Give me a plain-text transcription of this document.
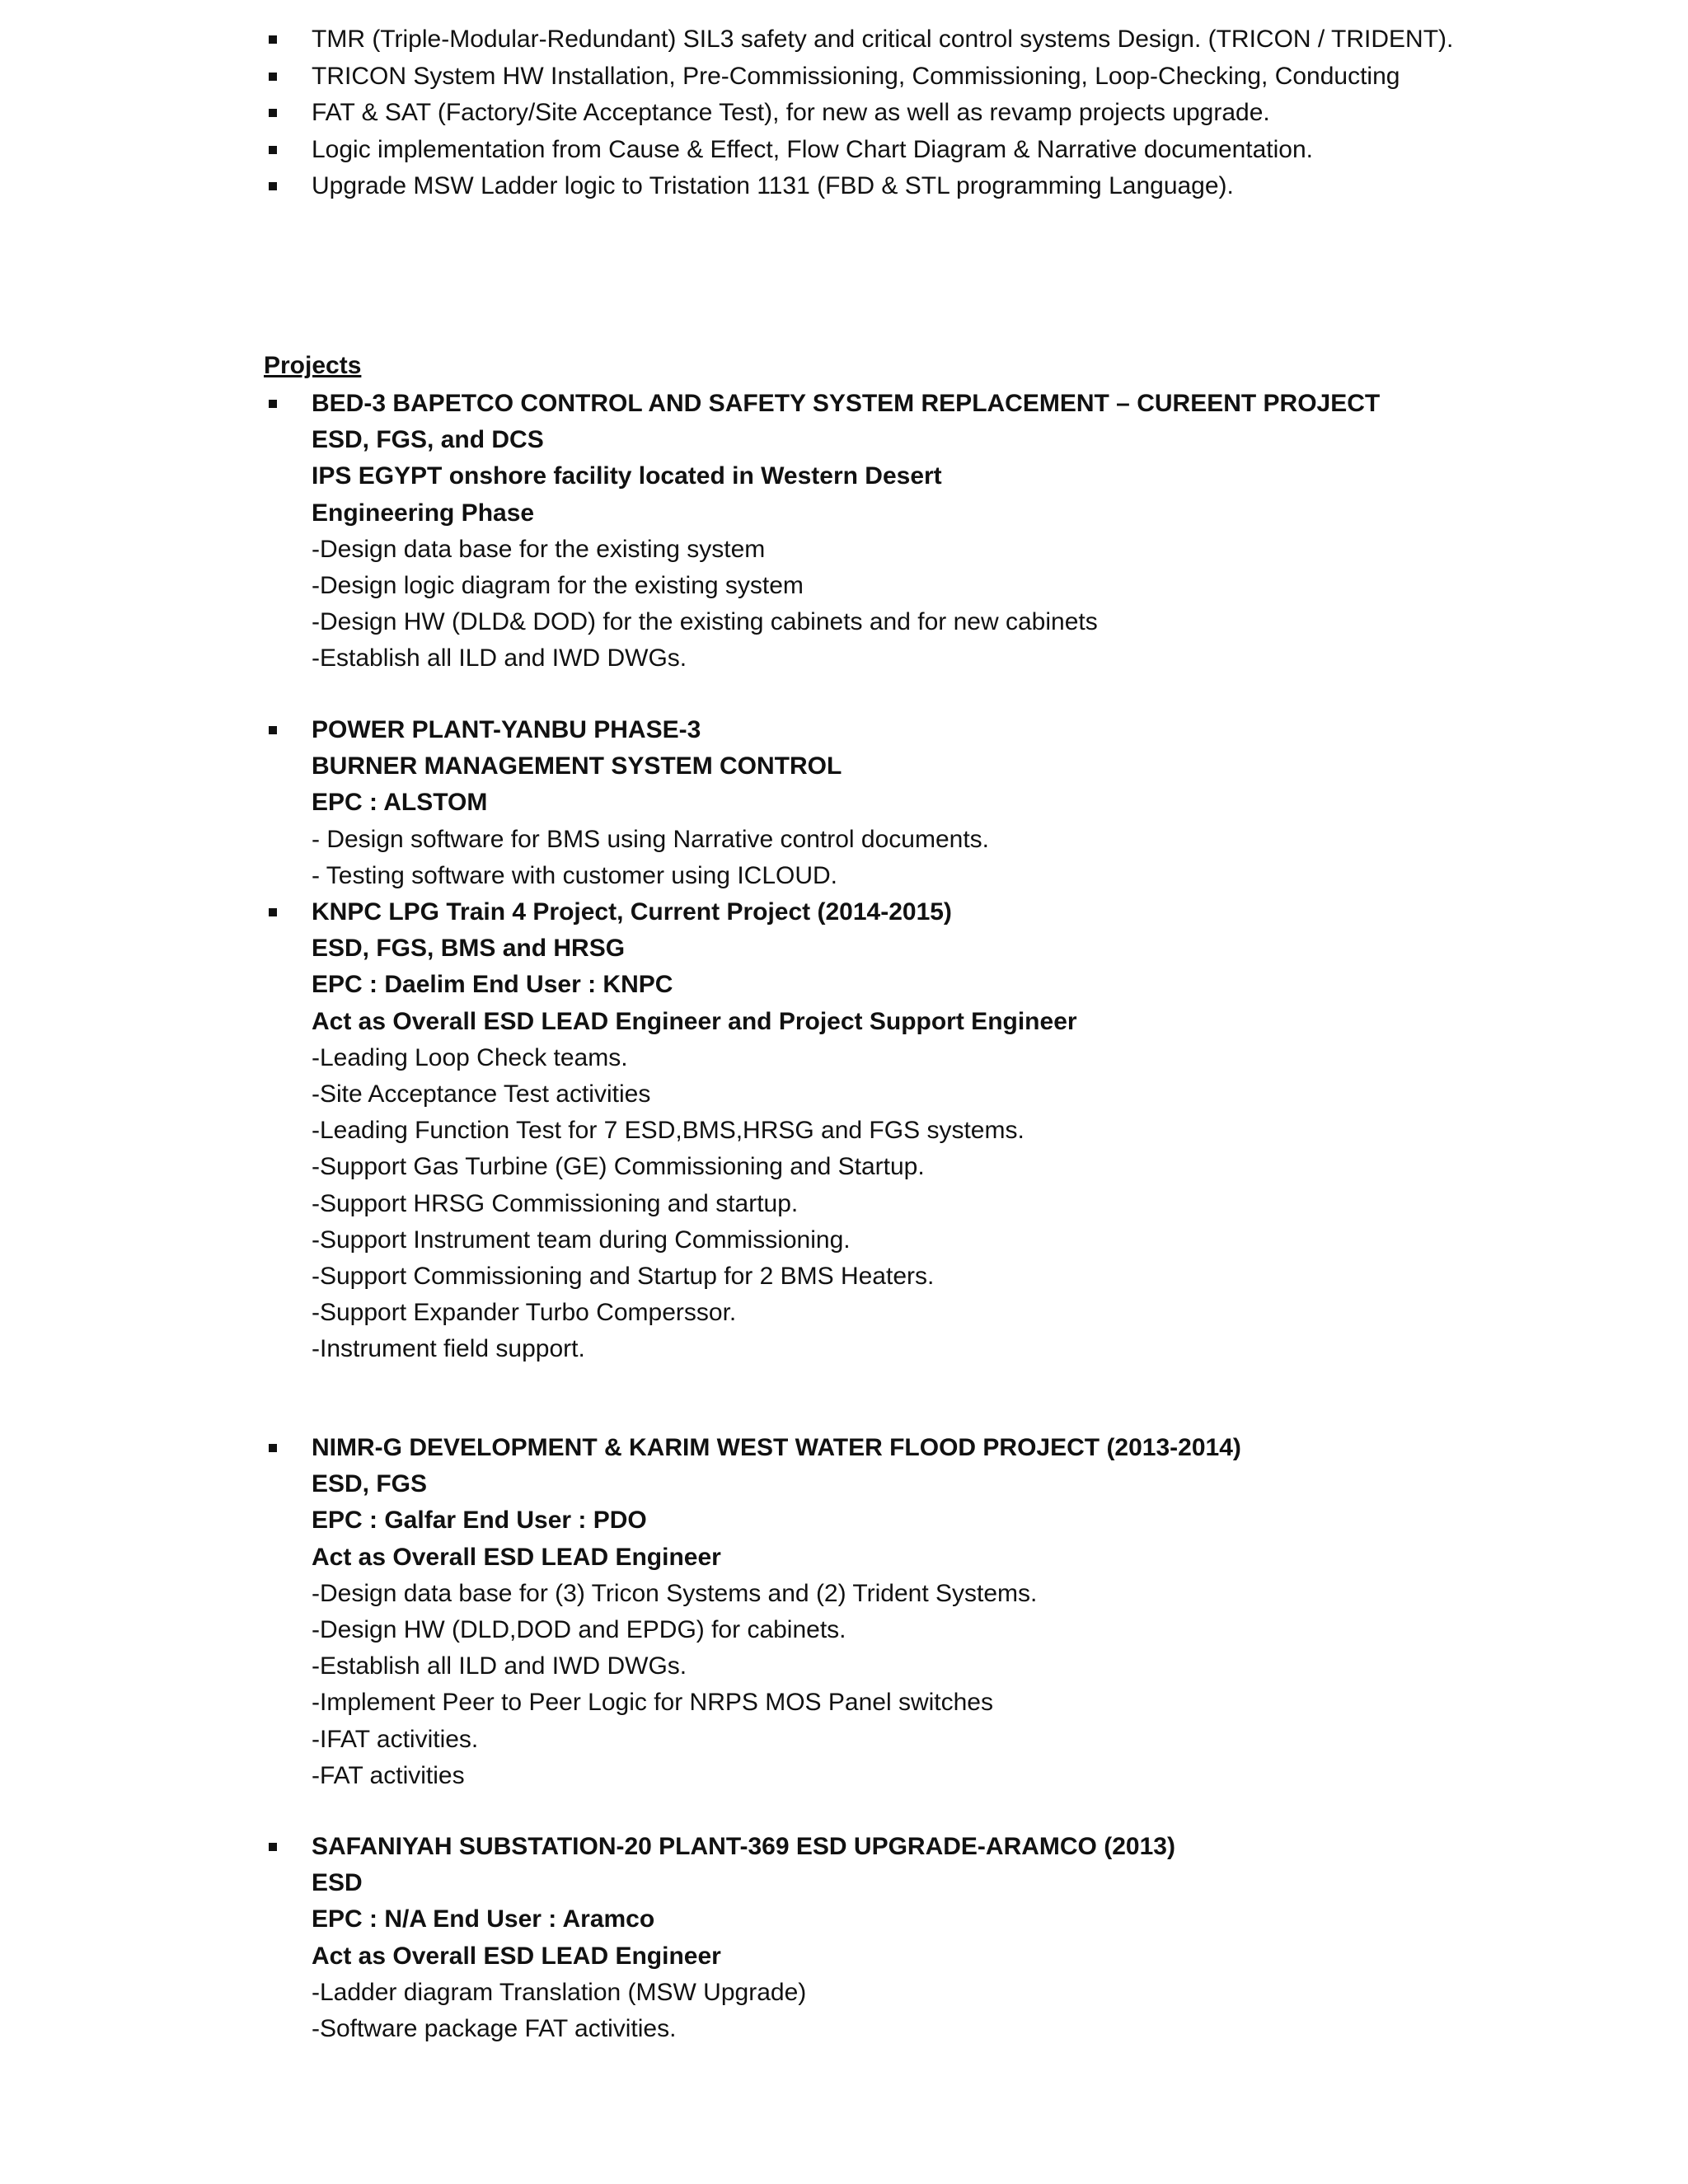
TMR (Triple-Modular-Redundant) SIL3 safety and critical control systems Design. (TRICON / TRIDENT).
TRICON System HW Installation, Pre-Commissioning, Commissioning, Loop-Checking, Conducting
FAT & SAT (Factory/Site Acceptance Test), for new as well as revamp projects upgrade.
Logic implementation from Cause & Effect, Flow Chart Diagram & Narrative documentation.
Upgrade MSW Ladder logic to Tristation 1131 (FBD & STL programming Language).
Projects
BED-3 BAPETCO CONTROL AND SAFETY SYSTEM REPLACEMENT – CUREENT PROJECT
ESD, FGS, and DCS
IPS EGYPT onshore facility located in Western Desert
Engineering Phase
-Design data base for the existing system
-Design logic diagram for the existing system
-Design HW (DLD& DOD) for the existing cabinets and for new cabinets
-Establish all ILD and IWD DWGs.
POWER PLANT-YANBU PHASE-3
BURNER MANAGEMENT SYSTEM CONTROL
EPC : ALSTOM
- Design software for BMS using Narrative control documents.
- Testing software with customer using ICLOUD.
KNPC LPG Train 4 Project, Current Project (2014-2015)
ESD, FGS, BMS and HRSG
EPC : Daelim End User : KNPC
Act as Overall ESD LEAD Engineer and Project Support Engineer
-Leading Loop Check teams.
-Site Acceptance Test activities
-Leading Function Test for 7 ESD,BMS,HRSG and FGS systems.
-Support Gas Turbine (GE) Commissioning and Startup.
-Support HRSG Commissioning and startup.
-Support Instrument team during Commissioning.
-Support Commissioning and Startup for 2 BMS Heaters.
-Support Expander Turbo Comperssor.
-Instrument field support.
NIMR-G DEVELOPMENT & KARIM WEST WATER FLOOD PROJECT (2013-2014)
ESD, FGS
EPC : Galfar End User : PDO
Act as Overall ESD LEAD Engineer
-Design data base for (3) Tricon Systems and (2) Trident Systems.
-Design HW (DLD,DOD and EPDG) for cabinets.
-Establish all ILD and IWD DWGs.
-Implement Peer to Peer Logic for NRPS MOS Panel switches
-IFAT activities.
-FAT activities
SAFANIYAH SUBSTATION-20 PLANT-369 ESD UPGRADE-ARAMCO (2013)
ESD
EPC : N/A End User : Aramco
Act as Overall ESD LEAD Engineer
-Ladder diagram Translation (MSW Upgrade)
-Software package FAT activities.
